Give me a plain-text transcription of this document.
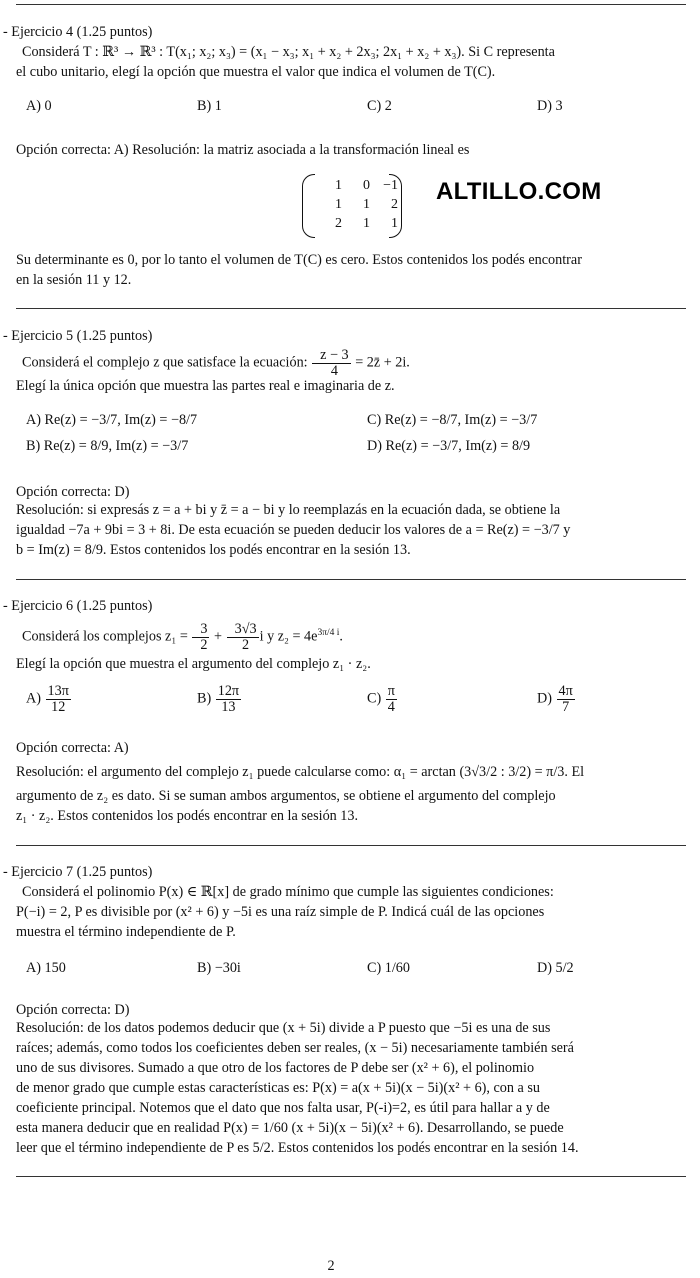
- Ejercicio 4 (1.25 puntos)
Considerá T : ℝ³ → ℝ³ : T(x₁; x₂; x₃) = (x₁ − x₃; x₁ + x₂ + 2x₃; 2x₁ + x₂ + x₃). Si C representa
el cubo unitario, elegí la opción que muestra el valor que indica el volumen de T(C).
A) 0	B) 1	C) 2	D) 3
Opción correcta: A) Resolución: la matriz asociada a la transformación lineal es
1	0	−1
1	1	2
2	1	1
ALTILLO.COM
Su determinante es 0, por lo tanto el volumen de T(C) es cero. Estos contenidos los podés encontrar
en la sesión 11 y 12.
- Ejercicio 5 (1.25 puntos)
Considerá el complejo z que satisface la ecuación: $\frac{z - 3}{4}$ = 2z̄ + 2i.
Elegí la única opción que muestra las partes real e imaginaria de z.
A) Re(z) = −3/7, Im(z) = −8/7	C) Re(z) = −8/7, Im(z) = −3/7
B) Re(z) = 8/9, Im(z) = −3/7	D) Re(z) = −3/7, Im(z) = 8/9
Opción correcta: D)
Resolución: si expresás z = a + bi y z̄ = a − bi y lo reemplazás en la ecuación dada, se obtiene la
igualdad −7a + 9bi = 3 + 8i. De esta ecuación se pueden deducir los valores de a = Re(z) = −3/7 y
b = Im(z) = 8/9. Estos contenidos los podés encontrar en la sesión 13.
- Ejercicio 6 (1.25 puntos)
Considerá los complejos $z_1 = \frac{3}{2} + \frac{3√3}{2}$ i y $z_2 = 4e^{3\pi/4 i}$.
Elegí la opción que muestra el argumento del complejo z₁ · z₂.
$A) \frac{13\pi}{12}$	$B) \frac{12\pi}{13}$	$C) \frac{\pi}{4}$	$D) \frac{4\pi}{7}$
Opción correcta: A)
Resolución: el argumento del complejo z₁ puede calcularse como: α₁ = arctan (3√3/2 : 3/2) = π/3. El
argumento de z₂ es dato. Si se suman ambos argumentos, se obtiene el argumento del complejo
z₁ · z₂. Estos contenidos los podés encontrar en la sesión 13.
- Ejercicio 7 (1.25 puntos)
Considerá el polinomio P(x) ∈ ℝ[x] de grado mínimo que cumple las siguientes condiciones:
P(−i) = 2, P es divisible por (x² + 6) y −5i es una raíz simple de P. Indicá cuál de las opciones
muestra el término independiente de P.
A) 150	B) −30i	C) 1/60	D) 5/2
Opción correcta: D)
Resolución: de los datos podemos deducir que (x + 5i) divide a P puesto que −5i es una de sus
raíces; además, como todos los coeficientes deben ser reales, (x − 5i) necesariamente también será
uno de sus divisores. Sumado a que otro de los factores de P debe ser (x² + 6), el polinomio
de menor grado que cumple estas características es: P(x) = a(x + 5i)(x − 5i)(x² + 6), con a su
coeficiente principal. Notemos que el dato que nos falta usar, P(-i)=2, es útil para hallar a y de
esta manera deducir que en realidad P(x) = 1/60 (x + 5i)(x − 5i)(x² + 6). Desarrollando, se puede
leer que el término independiente de P es 5/2. Estos contenidos los podés encontrar en la sesión 14.
2
